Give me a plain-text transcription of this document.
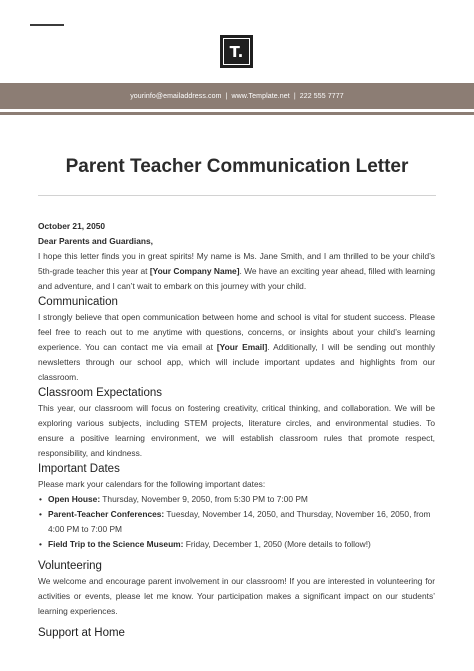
T.
yourinfo@emailaddress.com | www.Template.net | 222 555 7777
Parent Teacher Communication Letter

October 21, 2050

Dear Parents and Guardians,

I hope this letter finds you in great spirits! My name is Ms. Jane Smith, and I am thrilled to be your child’s 5th-grade teacher this year at [Your Company Name]. We have an exciting year ahead, filled with learning and adventure, and I can’t wait to embark on this journey with your child.

Communication

I strongly believe that open communication between home and school is vital for student success. Please feel free to reach out to me anytime with questions, concerns, or insights about your child’s learning experience. You can contact me via email at [Your Email]. Additionally, I will be sending out monthly newsletters through our school app, which will include important updates and highlights from our classroom.

Classroom Expectations

This year, our classroom will focus on fostering creativity, critical thinking, and collaboration. We will be exploring various subjects, including STEM projects, literature circles, and environmental studies. To ensure a positive learning environment, we will establish classroom rules that promote respect, responsibility, and kindness.

Important Dates

Please mark your calendars for the following important dates:

• Open House: Thursday, November 9, 2050, from 5:30 PM to 7:00 PM
• Parent-Teacher Conferences: Tuesday, November 14, 2050, and Thursday, November 16, 2050, from 4:00 PM to 7:00 PM
• Field Trip to the Science Museum: Friday, December 1, 2050 (More details to follow!)
Volunteering

We welcome and encourage parent involvement in our classroom! If you are interested in volunteering for activities or events, please let me know. Your participation makes a significant impact on our students’ learning experiences.

Support at Home
